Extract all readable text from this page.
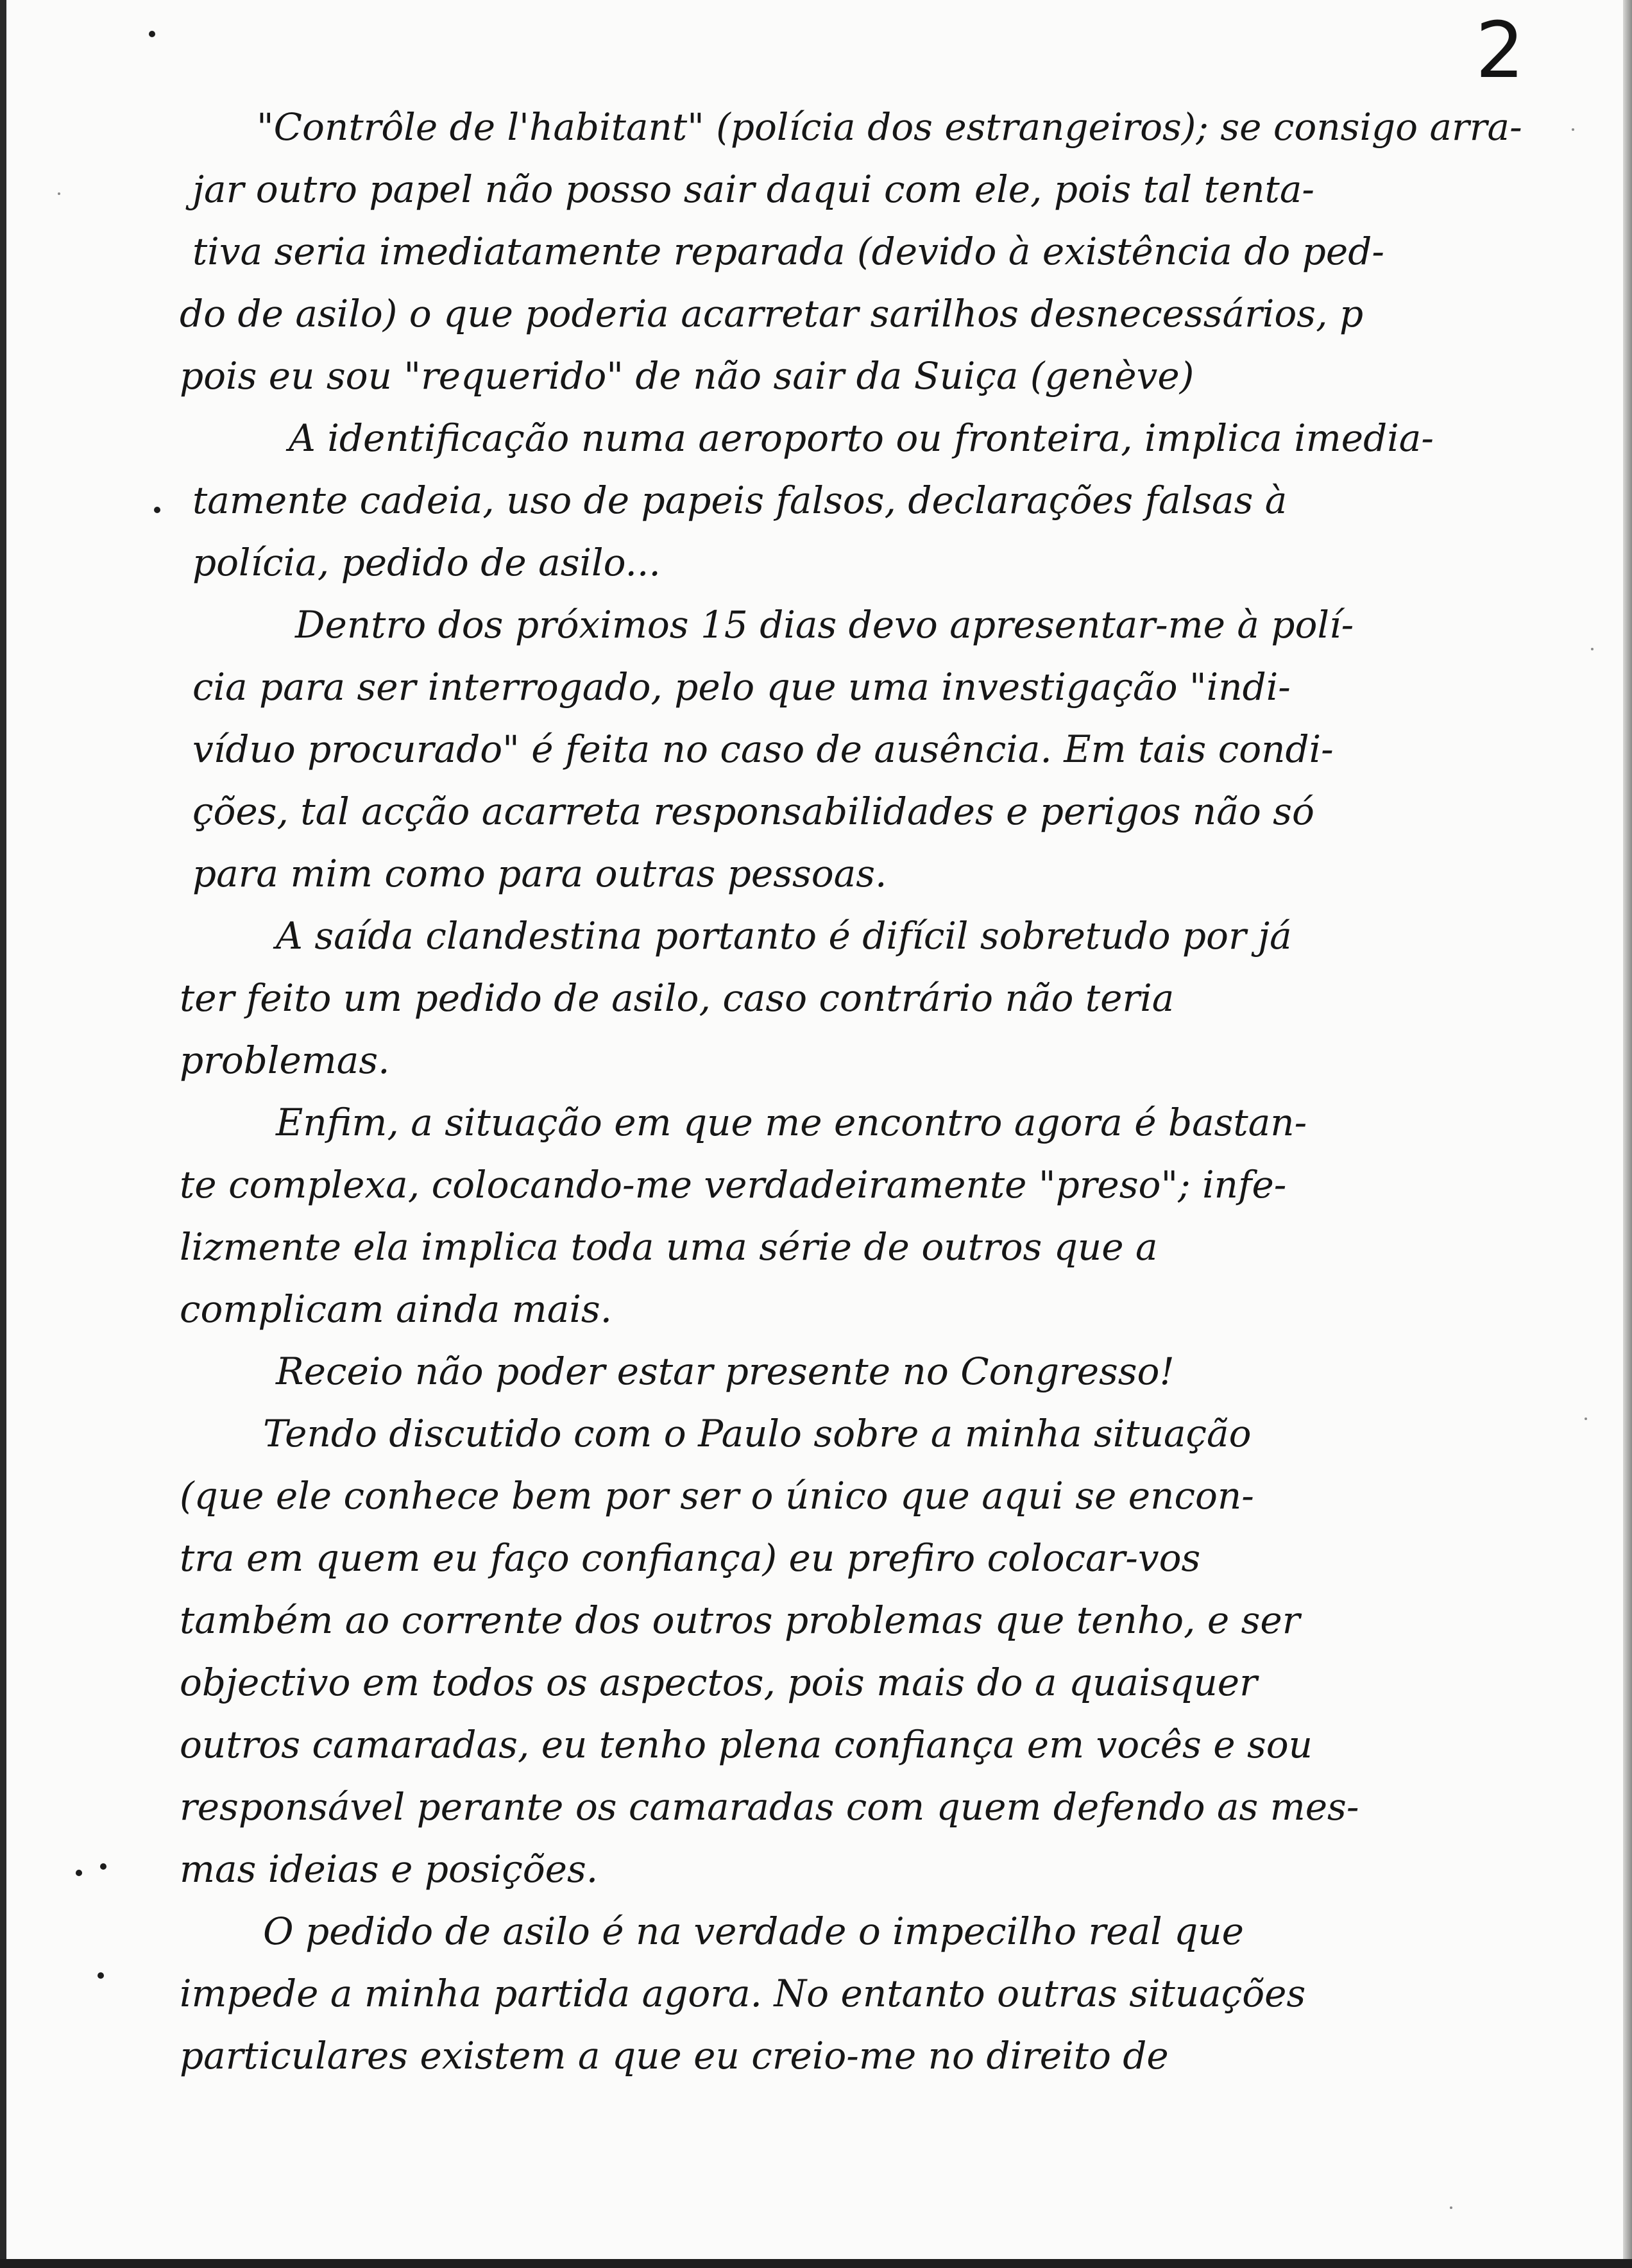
2
"Contrôle de l'habitant" (polícia dos estrangeiros); se consigo arra-
jar outro papel não posso sair daqui com ele, pois tal tenta-
tiva seria imediatamente reparada (devido à existência do ped-
do de asilo) o que poderia acarretar sarilhos desnecessários, p
pois eu sou "requerido" de não sair da Suiça (genève)
A identificação numa aeroporto ou fronteira, implica imedia-
tamente cadeia, uso de papeis falsos, declarações falsas à
polícia, pedido de asilo...
Dentro dos próximos 15 dias devo apresentar-me à polí-
cia para ser interrogado, pelo que uma investigação "indi-
víduo procurado" é feita no caso de ausência. Em tais condi-
ções, tal acção acarreta responsabilidades e perigos não só
para mim como para outras pessoas.
A saída clandestina portanto é difícil sobretudo por já
ter feito um pedido de asilo, caso contrário não teria
problemas.
Enfim, a situação em que me encontro agora é bastan-
te complexa, colocando-me verdadeiramente "preso"; infe-
lizmente ela implica toda uma série de outros que a
complicam ainda mais.
Receio não poder estar presente no Congresso!
Tendo discutido com o Paulo sobre a minha situação
(que ele conhece bem por ser o único que aqui se encon-
tra em quem eu faço confiança) eu prefiro colocar-vos
também ao corrente dos outros problemas que tenho, e ser
objectivo em todos os aspectos, pois mais do a quaisquer
outros camaradas, eu tenho plena confiança em vocês e sou
responsável perante os camaradas com quem defendo as mes-
mas ideias e posições.
O pedido de asilo é na verdade o impecilho real que
impede a minha partida agora. No entanto outras situações
particulares existem a que eu creio-me no direito de
